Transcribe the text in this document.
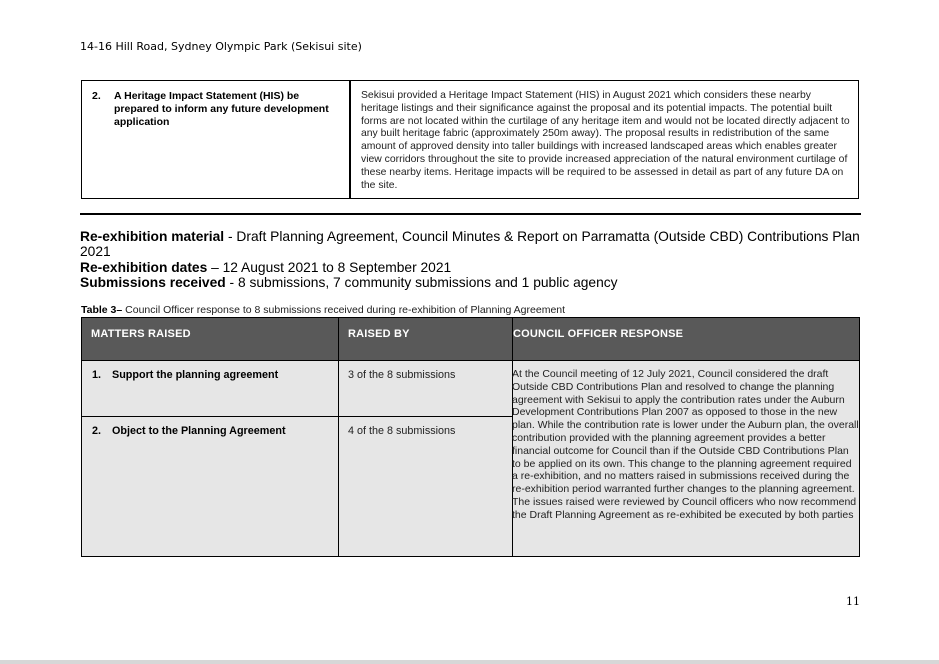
14-16 Hill Road, Sydney Olympic Park (Sekisui site)
2.	A Heritage Impact Statement (HIS) be prepared to inform any future development application
Sekisui provided a Heritage Impact Statement (HIS) in August 2021 which considers these nearby heritage listings and their significance against the proposal and its potential impacts. The potential built forms are not located within the curtilage of any heritage item and would not be located directly adjacent to any built heritage fabric (approximately 250m away). The proposal results in redistribution of the same amount of approved density into taller buildings with increased landscaped areas which enables greater view corridors throughout the site to provide increased appreciation of the natural environment curtilage of these nearby items. Heritage impacts will be required to be assessed in detail as part of any future DA on the site.
Re-exhibition material - Draft Planning Agreement, Council Minutes & Report on Parramatta (Outside CBD) Contributions Plan 2021
Re-exhibition dates – 12 August 2021 to 8 September 2021
Submissions received - 8 submissions, 7 community submissions and 1 public agency
Table 3– Council Officer response to 8 submissions received during re-exhibition of Planning Agreement
MATTERS RAISED	RAISED BY	COUNCIL OFFICER RESPONSE
1.	Support the planning agreement	3 of the 8 submissions
2.	Object to the Planning Agreement	4 of the 8 submissions
At the Council meeting of 12 July 2021, Council considered the draft Outside CBD Contributions Plan and resolved to change the planning agreement with Sekisui to apply the contribution rates under the Auburn Development Contributions Plan 2007 as opposed to those in the new plan. While the contribution rate is lower under the Auburn plan, the overall contribution provided with the planning agreement provides a better financial outcome for Council than if the Outside CBD Contributions Plan to be applied on its own. This change to the planning agreement required a re-exhibition, and no matters raised in submissions received during the re-exhibition period warranted further changes to the planning agreement. The issues raised were reviewed by Council officers who now recommend the Draft Planning Agreement as re-exhibited be executed by both parties
11
